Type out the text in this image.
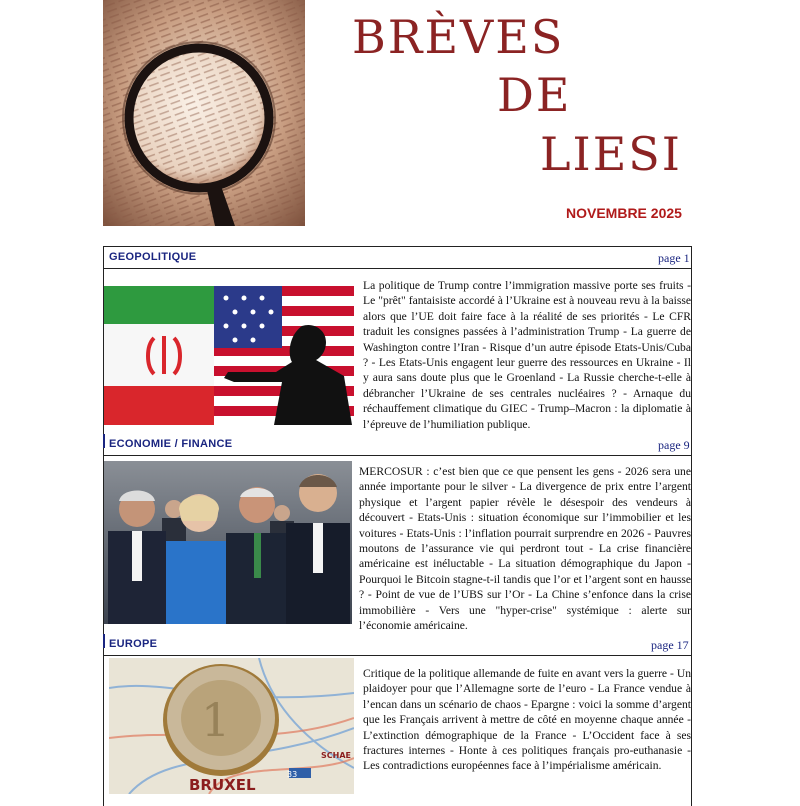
BRÈVES
DE
LIESI
NOVEMBRE 2025
GEOPOLITIQUE	page 1
La politique de Trump contre l’immigration massive porte ses fruits - Le "prêt" fantaisiste accordé à l’Ukraine est à nouveau revu à la baisse alors que l’UE doit faire face à la réalité de ses priorités - Le CFR traduit les consignes passées à l’administration Trump - La guerre de Washington contre l’Iran - Risque d’un autre épisode Etats-Unis/Cuba ? - Les Etats-Unis engagent leur guerre des ressources en Ukraine - Il y aura sans doute plus que le Groenland - La Russie cherche-t-elle à débrancher l’Ukraine de ses centrales nucléaires ? - Arnaque du réchauffement climatique du GIEC - Trump–Macron : la diplomatie à l’épreuve de l’humiliation publique.
ECONOMIE / FINANCE	page 9
MERCOSUR : c’est bien que ce que pensent les gens - 2026 sera une année importante pour le silver - La divergence de prix entre l’argent physique et l’argent papier révèle le désespoir des vendeurs à découvert - Etats-Unis : situation économique sur l’immobilier et les voitures - Etats-Unis : l’inflation pourrait surprendre en 2026 - Pauvres moutons de l’assurance vie qui perdront tout - La crise financière américaine est inéluctable - La situation démographique du Japon - Pourquoi le Bitcoin stagne-t-il tandis que l’or et l’argent sont en hausse ? - Point de vue de l’UBS sur l’Or - La Chine s’enfonce dans la crise immobilière - Vers une "hyper-crise" systémique : alerte sur l’économie américaine.
EUROPE	page 17
33
BRUXEL
SCHAE
1
Critique de la politique allemande de fuite en avant vers la guerre - Un plaidoyer pour que l’Allemagne sorte de l’euro - La France vendue à l’encan dans un scénario de chaos - Epargne : voici la somme d’argent que les Français arrivent à mettre de côté en moyenne chaque année - L’extinction démographique de la France - L’Occident face à ses fractures internes - Honte à ces politiques français pro-euthanasie - Les contradictions européennes face à l’impérialisme américain.
